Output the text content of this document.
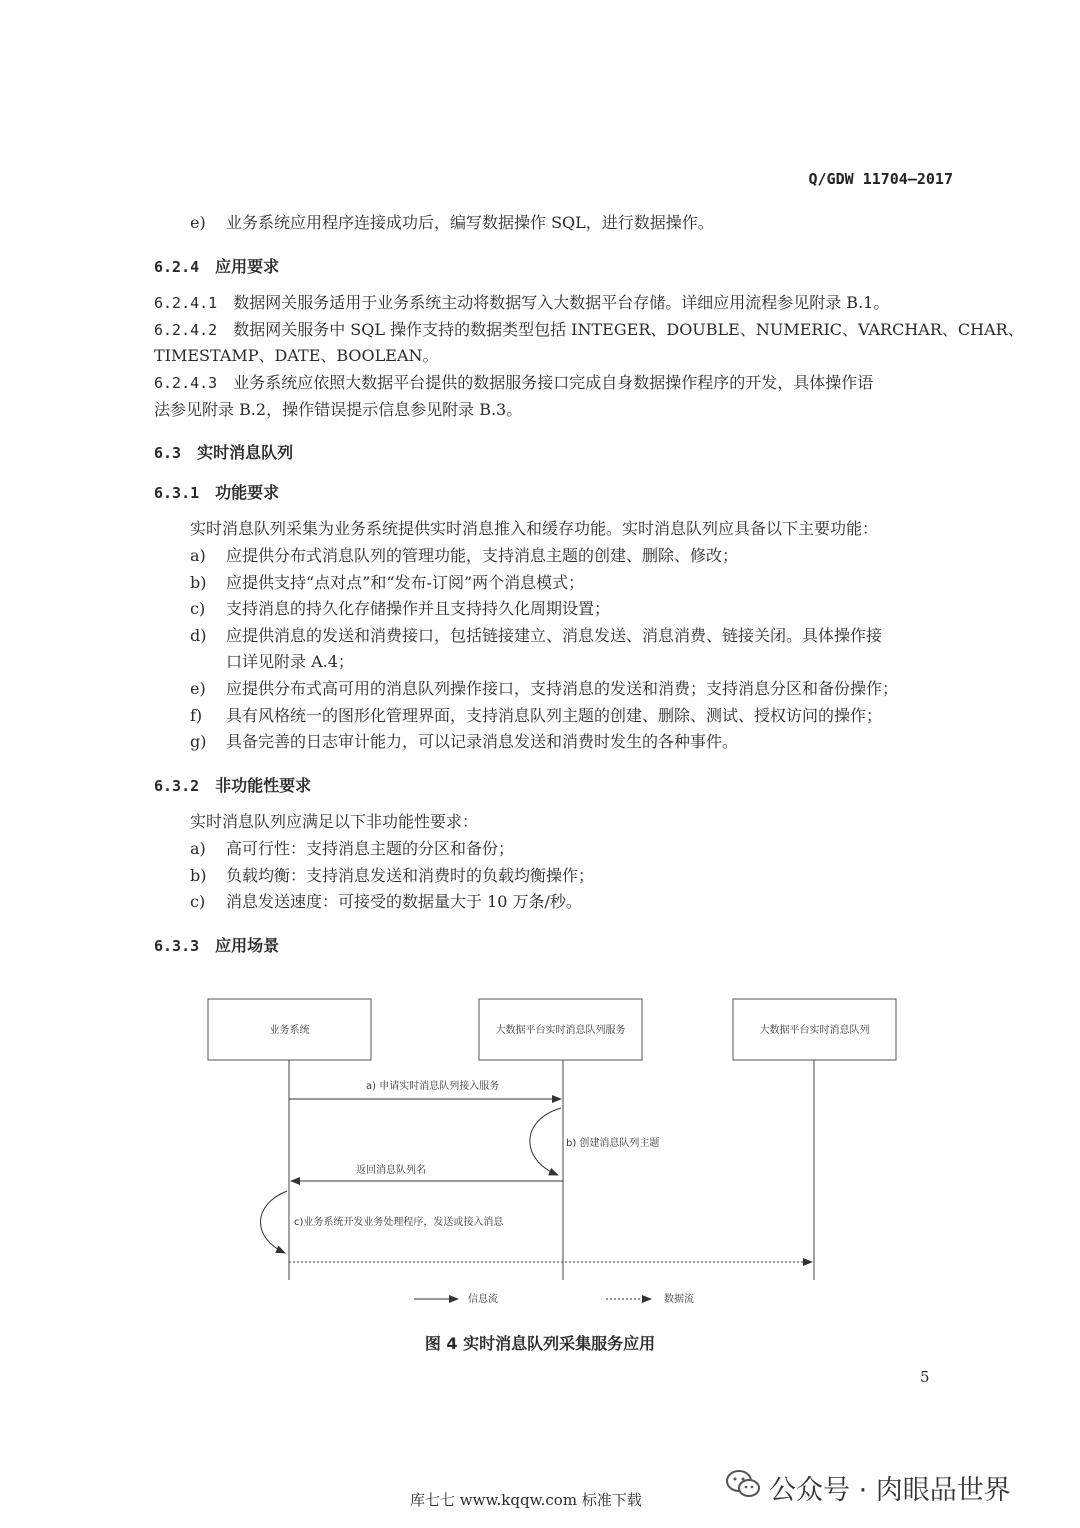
Q/GDW 11704—2017
e) 业务系统应用程序连接成功后，编写数据操作 SQL，进行数据操作。
6.2.4 应用要求
6.2.4.1 数据网关服务适用于业务系统主动将数据写入大数据平台存储。详细应用流程参见附录 B.1。
6.2.4.2 数据网关服务中 SQL 操作支持的数据类型包括 INTEGER、DOUBLE、NUMERIC、VARCHAR、CHAR、
TIMESTAMP、DATE、BOOLEAN。
6.2.4.3 业务系统应依照大数据平台提供的数据服务接口完成自身数据操作程序的开发，具体操作语
法参见附录 B.2，操作错误提示信息参见附录 B.3。
6.3 实时消息队列
6.3.1 功能要求
实时消息队列采集为业务系统提供实时消息推入和缓存功能。实时消息队列应具备以下主要功能：
a) 应提供分布式消息队列的管理功能，支持消息主题的创建、删除、修改；
b) 应提供支持“点对点”和“发布-订阅”两个消息模式；
c) 支持消息的持久化存储操作并且支持持久化周期设置；
d) 应提供消息的发送和消费接口，包括链接建立、消息发送、消息消费、链接关闭。具体操作接
口详见附录 A.4；
e) 应提供分布式高可用的消息队列操作接口，支持消息的发送和消费；支持消息分区和备份操作；
f) 具有风格统一的图形化管理界面，支持消息队列主题的创建、删除、测试、授权访问的操作；
g) 具备完善的日志审计能力，可以记录消息发送和消费时发生的各种事件。
6.3.2 非功能性要求
实时消息队列应满足以下非功能性要求：
a) 高可行性：支持消息主题的分区和备份；
b) 负载均衡：支持消息发送和消费时的负载均衡操作；
c) 消息发送速度：可接受的数据量大于 10 万条/秒。
6.3.3 应用场景
业务系统	大数据平台实时消息队列服务	大数据平台实时消息队列
a) 申请实时消息队列接入服务
b) 创建消息队列主题
返回消息队列名
c)业务系统开发业务处理程序，发送或接入消息
信息流	数据流
图 4 实时消息队列采集服务应用
5
公众号 · 肉眼品世界
库七七 www.kqqw.com 标准下载
